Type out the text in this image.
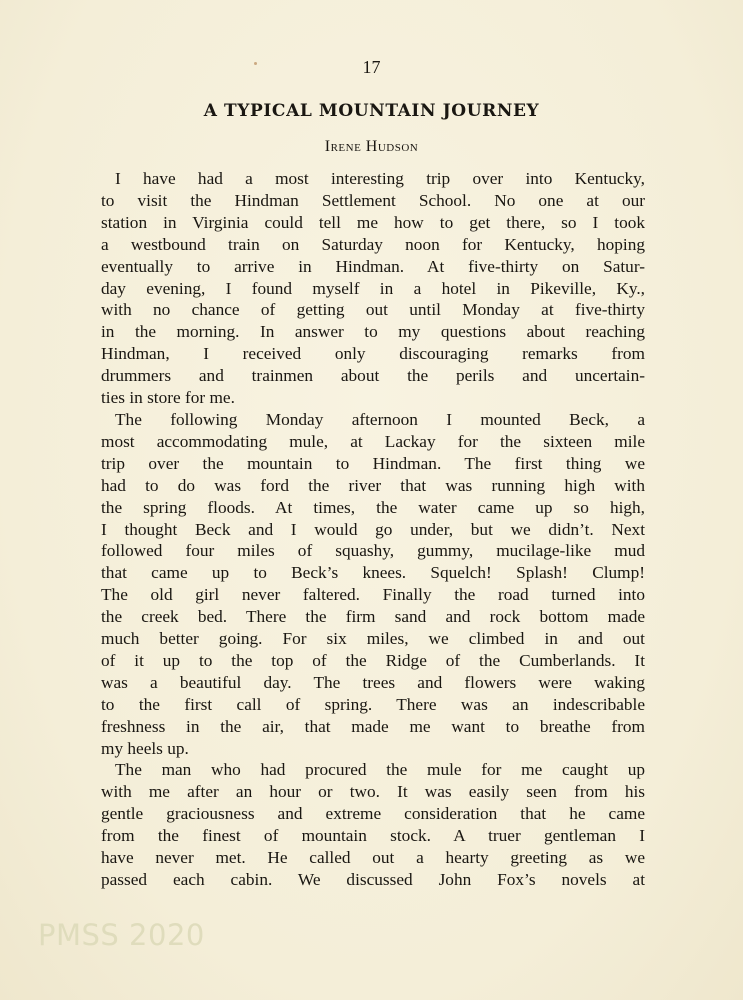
17
A TYPICAL MOUNTAIN JOURNEY
Irene Hudson
I have had a most interesting trip over into Kentucky,
to visit the Hindman Settlement School. No one at our
station in Virginia could tell me how to get there, so I took
a westbound train on Saturday noon for Kentucky, hoping
eventually to arrive in Hindman. At five-thirty on Satur-
day evening, I found myself in a hotel in Pikeville, Ky.,
with no chance of getting out until Monday at five-thirty
in the morning. In answer to my questions about reaching
Hindman, I received only discouraging remarks from
drummers and trainmen about the perils and uncertain-
ties in store for me.
The following Monday afternoon I mounted Beck, a
most accommodating mule, at Lackay for the sixteen mile
trip over the mountain to Hindman. The first thing we
had to do was ford the river that was running high with
the spring floods. At times, the water came up so high,
I thought Beck and I would go under, but we didn’t. Next
followed four miles of squashy, gummy, mucilage-like mud
that came up to Beck’s knees. Squelch! Splash! Clump!
The old girl never faltered. Finally the road turned into
the creek bed. There the firm sand and rock bottom made
much better going. For six miles, we climbed in and out
of it up to the top of the Ridge of the Cumberlands. It
was a beautiful day. The trees and flowers were waking
to the first call of spring. There was an indescribable
freshness in the air, that made me want to breathe from
my heels up.
The man who had procured the mule for me caught up
with me after an hour or two. It was easily seen from his
gentle graciousness and extreme consideration that he came
from the finest of mountain stock. A truer gentleman I
have never met. He called out a hearty greeting as we
passed each cabin. We discussed John Fox’s novels at
PMSS 2020
